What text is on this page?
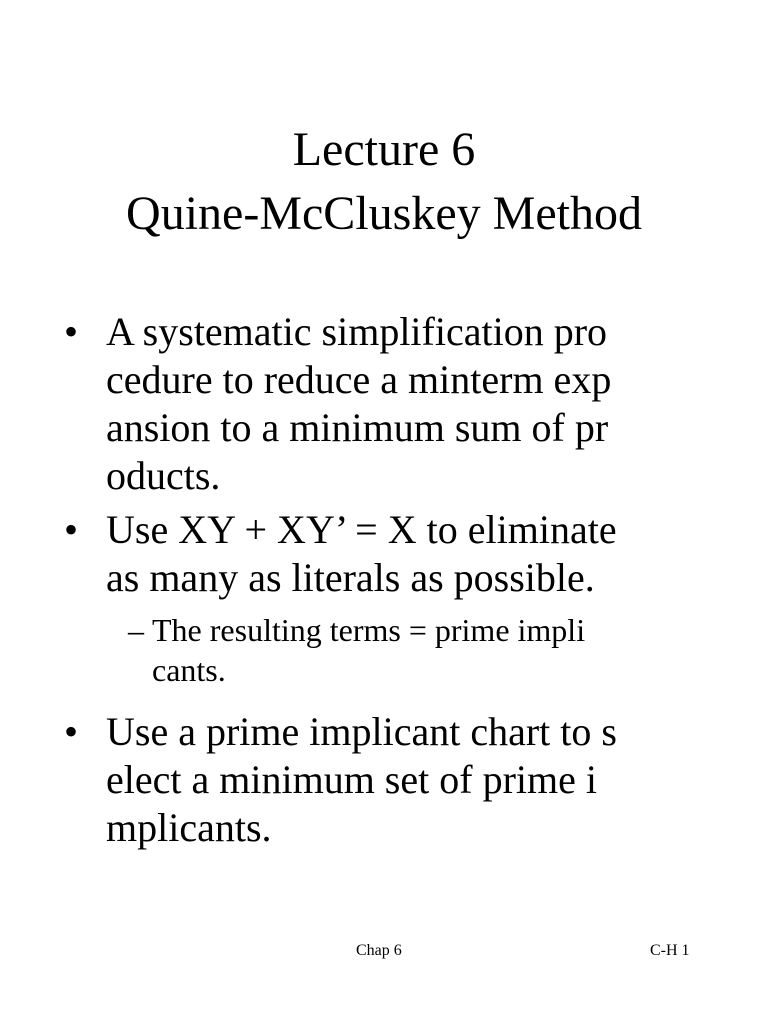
Lecture 6
Quine-McCluskey Method
• A systematic simplification pro
cedure to reduce a minterm exp
ansion to a minimum sum of pr
oducts.
• Use XY + XY’ = X to eliminate
as many as literals as possible.
– The resulting terms = prime impli
cants.
• Use a prime implicant chart to s
elect a minimum set of prime i
mplicants.
Chap 6	C-H 1
